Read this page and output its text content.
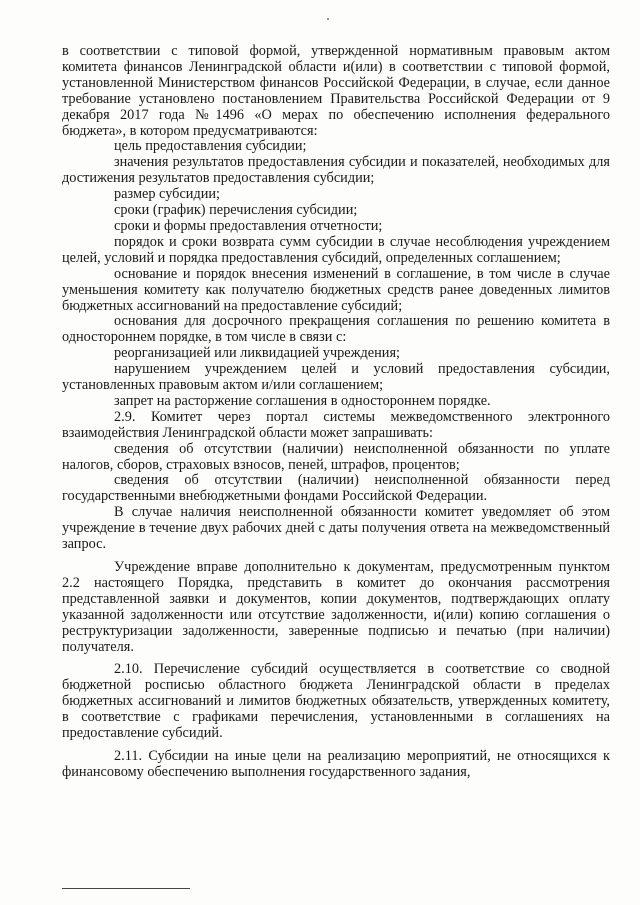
в соответствии с типовой формой, утвержденной нормативным правовым актом комитета финансов Ленинградской области и(или) в соответствии с типовой формой, установленной Министерством финансов Российской Федерации, в случае, если данное требование установлено постановлением Правительства Российской Федерации от 9 декабря 2017 года №1496 «О мерах по обеспечению исполнения федерального бюджета», в котором предусматриваются:

цель предоставления субсидии;

значения результатов предоставления субсидии и показателей, необходимых для достижения результатов предоставления субсидии;

размер субсидии;

сроки (график) перечисления субсидии;

сроки и формы предоставления отчетности;

порядок и сроки возврата сумм субсидии в случае несоблюдения учреждением целей, условий и порядка предоставления субсидий, определенных соглашением;

основание и порядок внесения изменений в соглашение, в том числе в случае уменьшения комитету как получателю бюджетных средств ранее доведенных лимитов бюджетных ассигнований на предоставление субсидий;

основания для досрочного прекращения соглашения по решению комитета в одностороннем порядке, в том числе в связи с:

реорганизацией или ликвидацией учреждения;

нарушением учреждением целей и условий предоставления субсидии, установленных правовым актом и/или соглашением;

запрет на расторжение соглашения в одностороннем порядке.

2.9. Комитет через портал системы межведомственного электронного взаимодействия Ленинградской области может запрашивать:

сведения об отсутствии (наличии) неисполненной обязанности по уплате налогов, сборов, страховых взносов, пеней, штрафов, процентов;

сведения об отсутствии (наличии) неисполненной обязанности перед государственными внебюджетными фондами Российской Федерации.

В случае наличия неисполненной обязанности комитет уведомляет об этом учреждение в течение двух рабочих дней с даты получения ответа на межведомственный запрос.

Учреждение вправе дополнительно к документам, предусмотренным пунктом 2.2 настоящего Порядка, представить в комитет до окончания рассмотрения представленной заявки и документов, копии документов, подтверждающих оплату указанной задолженности или отсутствие задолженности, и(или) копию соглашения о реструктуризации задолженности, заверенные подписью и печатью (при наличии) получателя.

2.10. Перечисление субсидий осуществляется в соответствие со сводной бюджетной росписью областного бюджета Ленинградской области в пределах бюджетных ассигнований и лимитов бюджетных обязательств, утвержденных комитету, в соответствие с графиками перечисления, установленными в соглашениях на предоставление субсидий.

2.11. Субсидии на иные цели на реализацию мероприятий, не относящихся к финансовому обеспечению выполнения государственного задания,
